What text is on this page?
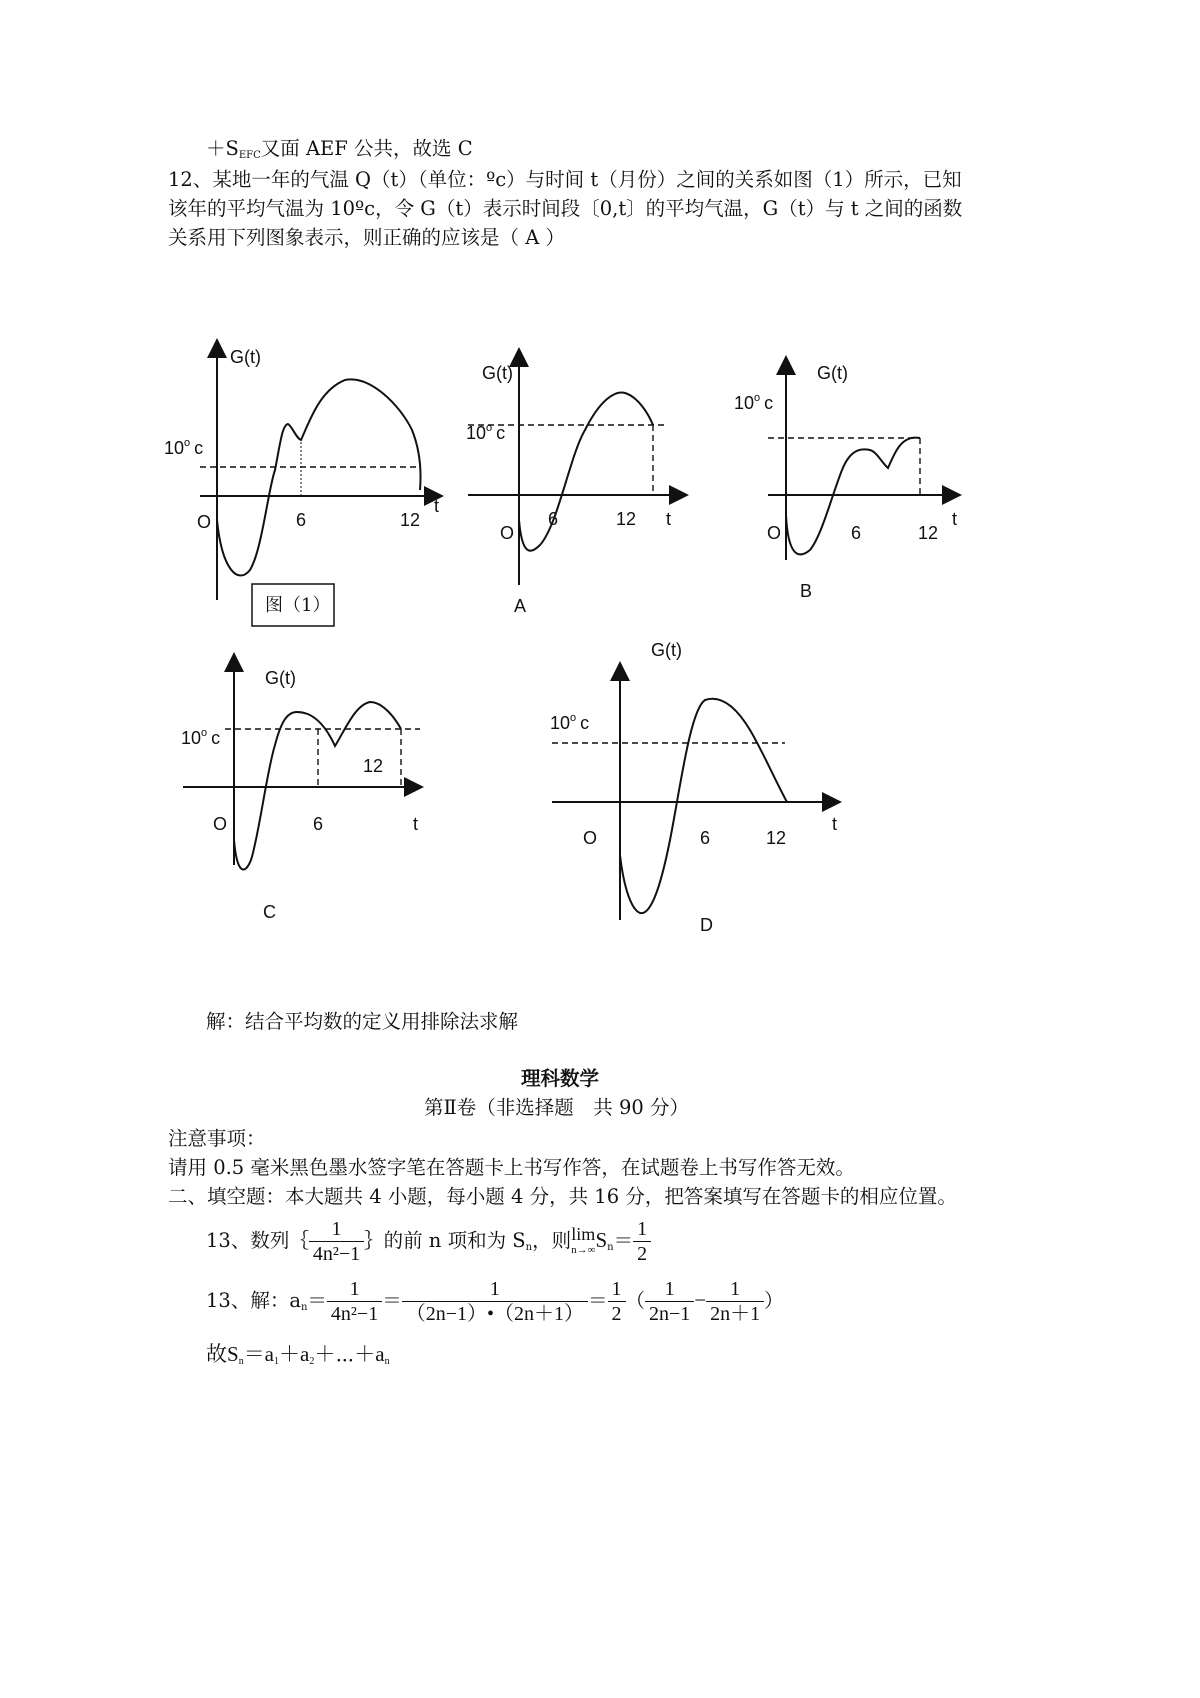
$+S_{EFC}$又面 AEF 公共，故选 C
12、某地一年的气温 Q（t）（单位：ºc）与时间 t（月份）之间的关系如图（1）所示，已知
该年的平均气温为 10ºc，令 G（t）表示时间段〔0,t〕的平均气温，G（t）与 t 之间的函数
关系用下列图象表示，则正确的应该是（ A ）
G(t)
10$^o$ c
O	6	12
t
图（1）
G(t)
10$^o$ c
O
6	12 t
A
G(t)
10$^o$ c
O	6	12
t
B
G(t)
10$^o$ c
O	6
12
t
C
G(t)
10$^o$ c
O	6	12
t
D
解：结合平均数的定义用排除法求解
理科数学
第Ⅱ卷（非选择题　共 90 分）
注意事项：
请用 0.5 毫米黑色墨水签字笔在答题卡上书写作答，在试题卷上书写作答无效。
二、填空题：本大题共 4 小题，每小题 4 分，共 16 分，把答案填写在答题卡的相应位置。
13、数列｛ $\frac{1}{\text{4n²−1}}$ ｝的前 n 项和为 $S_n$，则 lim
n→∞ $S_n= \frac{1}{2}$
13、解：$a_n= \frac{1}{\text{4n²−1}} = \frac{1}{(2n-1)•(2n+1)} = \frac{1}{2}$ （ $\frac{1}{2n-1} - \frac{1}{2n+1}$ ）
故$S_n=a_1+a_2+\cdots+a_n$
